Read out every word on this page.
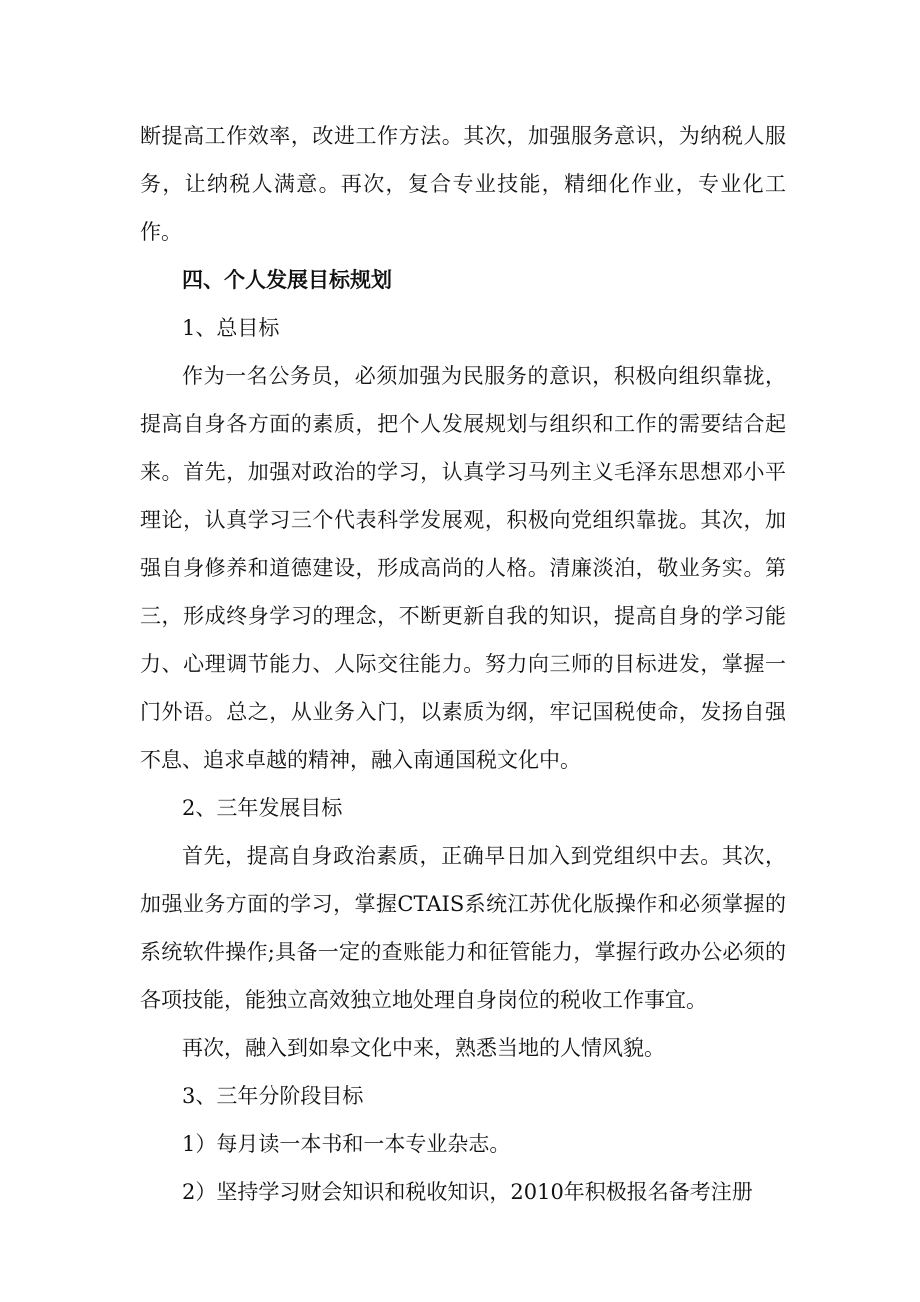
断提高工作效率，改进工作方法。其次，加强服务意识，为纳税人服务，让纳税人满意。再次，复合专业技能，精细化作业，专业化工作。

四、个人发展目标规划

1、总目标

作为一名公务员，必须加强为民服务的意识，积极向组织靠拢，提高自身各方面的素质，把个人发展规划与组织和工作的需要结合起来。首先，加强对政治的学习，认真学习马列主义毛泽东思想邓小平理论，认真学习三个代表科学发展观，积极向党组织靠拢。其次，加强自身修养和道德建设，形成高尚的人格。清廉淡泊，敬业务实。第三，形成终身学习的理念，不断更新自我的知识，提高自身的学习能力、心理调节能力、人际交往能力。努力向三师的目标进发，掌握一门外语。总之，从业务入门，以素质为纲，牢记国税使命，发扬自强不息、追求卓越的精神，融入南通国税文化中。

2、三年发展目标

首先，提高自身政治素质，正确早日加入到党组织中去。其次，加强业务方面的学习，掌握CTAIS系统江苏优化版操作和必须掌握的系统软件操作;具备一定的查账能力和征管能力，掌握行政办公必须的各项技能，能独立高效独立地处理自身岗位的税收工作事宜。

再次，融入到如皋文化中来，熟悉当地的人情风貌。

3、三年分阶段目标

1）每月读一本书和一本专业杂志。

2）坚持学习财会知识和税收知识，2010年积极报名备考注册
